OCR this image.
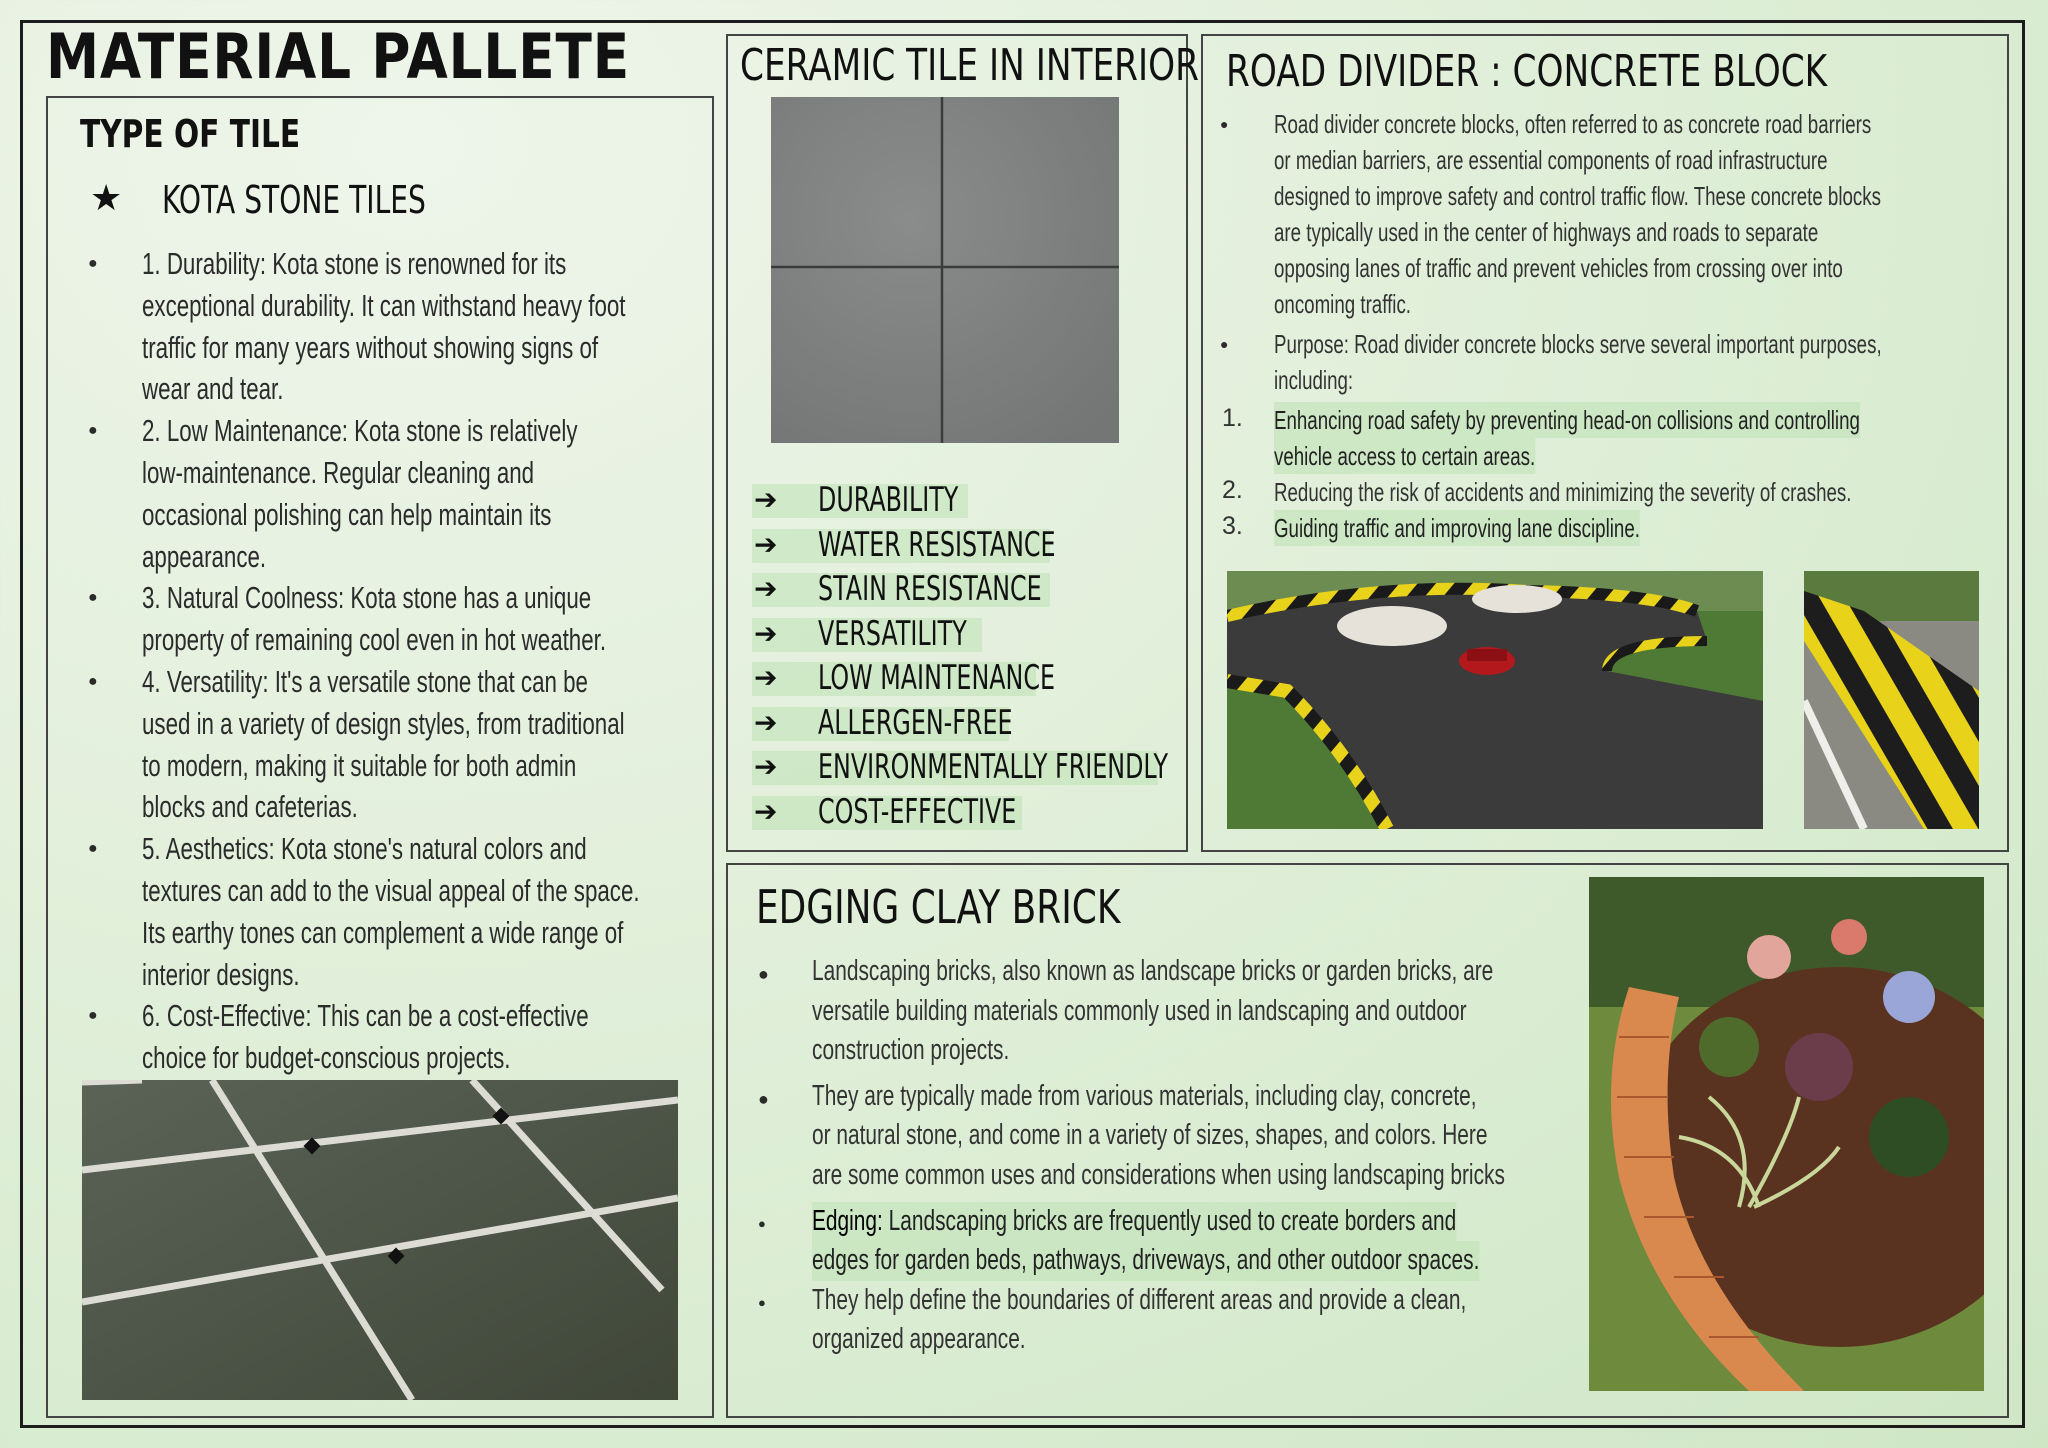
MATERIAL PALLETE
TYPE OF TILE
★ KOTA STONE TILES
● 1. Durability: Kota stone is renowned for its
exceptional durability. It can withstand heavy foot
traffic for many years without showing signs of
wear and tear.
● 2. Low Maintenance: Kota stone is relatively
low-maintenance. Regular cleaning and
occasional polishing can help maintain its
appearance.
● 3. Natural Coolness: Kota stone has a unique
property of remaining cool even in hot weather.
● 4. Versatility: It's a versatile stone that can be
used in a variety of design styles, from traditional
to modern, making it suitable for both admin
blocks and cafeterias.
● 5. Aesthetics: Kota stone's natural colors and
textures can add to the visual appeal of the space.
Its earthy tones can complement a wide range of
interior designs.
● 6. Cost-Effective: This can be a cost-effective
choice for budget-conscious projects.
CERAMIC TILE IN INTERIOR
➔ DURABILITY
➔ WATER RESISTANCE
➔ STAIN RESISTANCE
➔ VERSATILITY
➔ LOW MAINTENANCE
➔ ALLERGEN-FREE
➔ ENVIRONMENTALLY FRIENDLY
➔ COST-EFFECTIVE
ROAD DIVIDER : CONCRETE BLOCK
● Road divider concrete blocks, often referred to as concrete road barriers
or median barriers, are essential components of road infrastructure
designed to improve safety and control traffic flow. These concrete blocks
are typically used in the center of highways and roads to separate
opposing lanes of traffic and prevent vehicles from crossing over into
oncoming traffic.
● Purpose: Road divider concrete blocks serve several important purposes,
including:
1. Enhancing road safety by preventing head-on collisions and controlling
vehicle access to certain areas.

2. Reducing the risk of accidents and minimizing the severity of crashes.
3. Guiding traffic and improving lane discipline.

EDGING CLAY BRICK
● Landscaping bricks, also known as landscape bricks or garden bricks, are
versatile building materials commonly used in landscaping and outdoor
construction projects.
● They are typically made from various materials, including clay, concrete,
or natural stone, and come in a variety of sizes, shapes, and colors. Here
are some common uses and considerations when using landscaping bricks
● Edging: Landscaping bricks are frequently used to create borders and
edges for garden beds, pathways, driveways, and other outdoor spaces.
● They help define the boundaries of different areas and provide a clean,
organized appearance.
